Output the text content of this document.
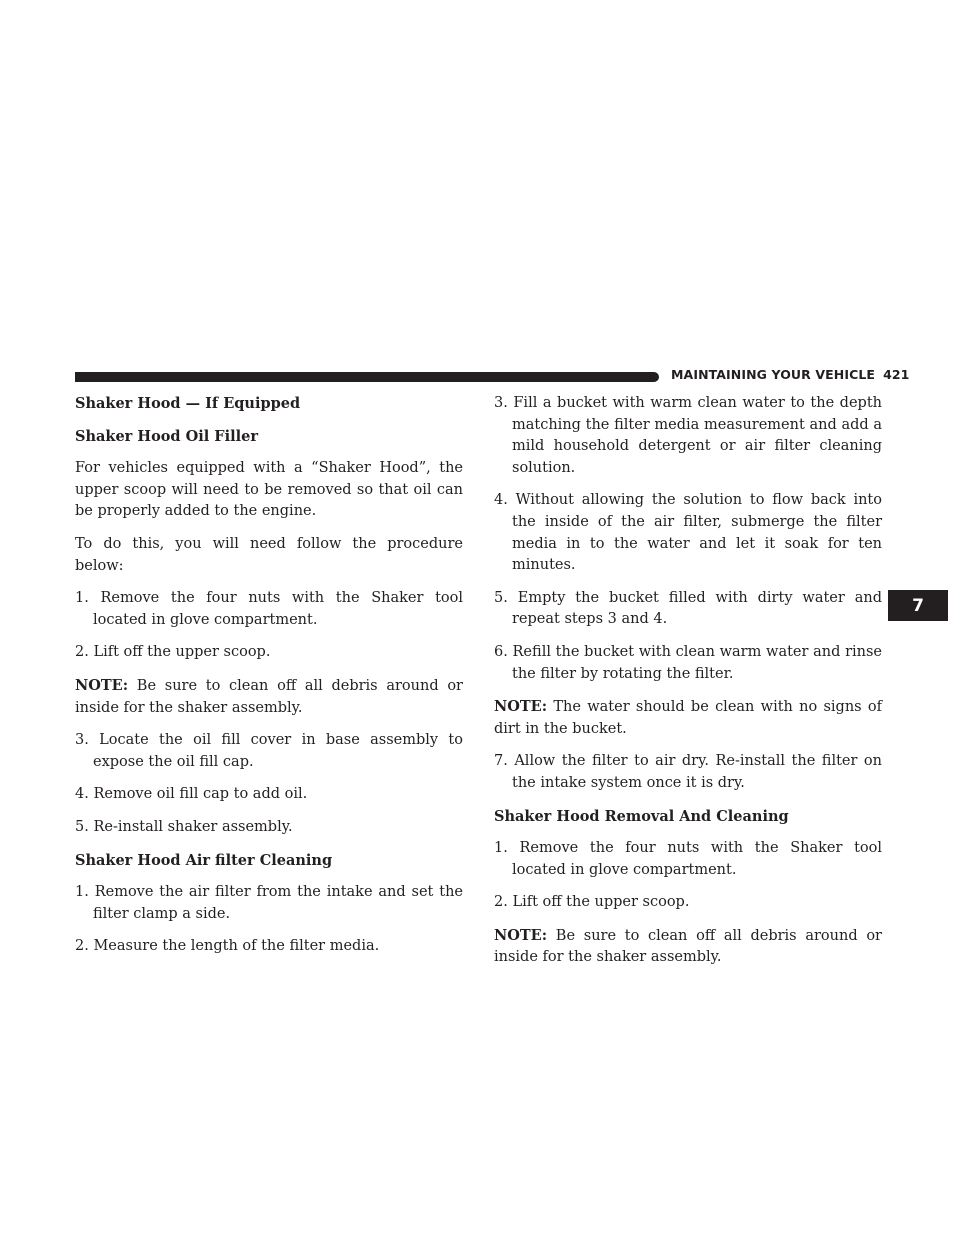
MAINTAINING YOUR VEHICLE 421
7

Shaker Hood — If Equipped

Shaker Hood Oil Filler

For vehicles equipped with a “Shaker Hood”, the upper scoop will need to be removed so that oil can be properly added to the engine.

To do this, you will need follow the procedure below:

1. Remove the four nuts with the Shaker tool located in glove compartment.

2. Lift off the upper scoop.

NOTE: Be sure to clean off all debris around or inside for the shaker assembly.

3. Locate the oil fill cover in base assembly to expose the oil fill cap.

4. Remove oil fill cap to add oil.

5. Re-install shaker assembly.

Shaker Hood Air filter Cleaning

1. Remove the air filter from the intake and set the filter clamp a side.

2. Measure the length of the filter media.

3. Fill a bucket with warm clean water to the depth matching the filter media measurement and add a mild household detergent or air filter cleaning solution.

4. Without allowing the solution to flow back into the inside of the air filter, submerge the filter media in to the water and let it soak for ten minutes.

5. Empty the bucket filled with dirty water and repeat steps 3 and 4.

6. Refill the bucket with clean warm water and rinse the filter by rotating the filter.

NOTE: The water should be clean with no signs of dirt in the bucket.

7. Allow the filter to air dry. Re-install the filter on the intake system once it is dry.

Shaker Hood Removal And Cleaning

1. Remove the four nuts with the Shaker tool located in glove compartment.

2. Lift off the upper scoop.

NOTE: Be sure to clean off all debris around or inside for the shaker assembly.
